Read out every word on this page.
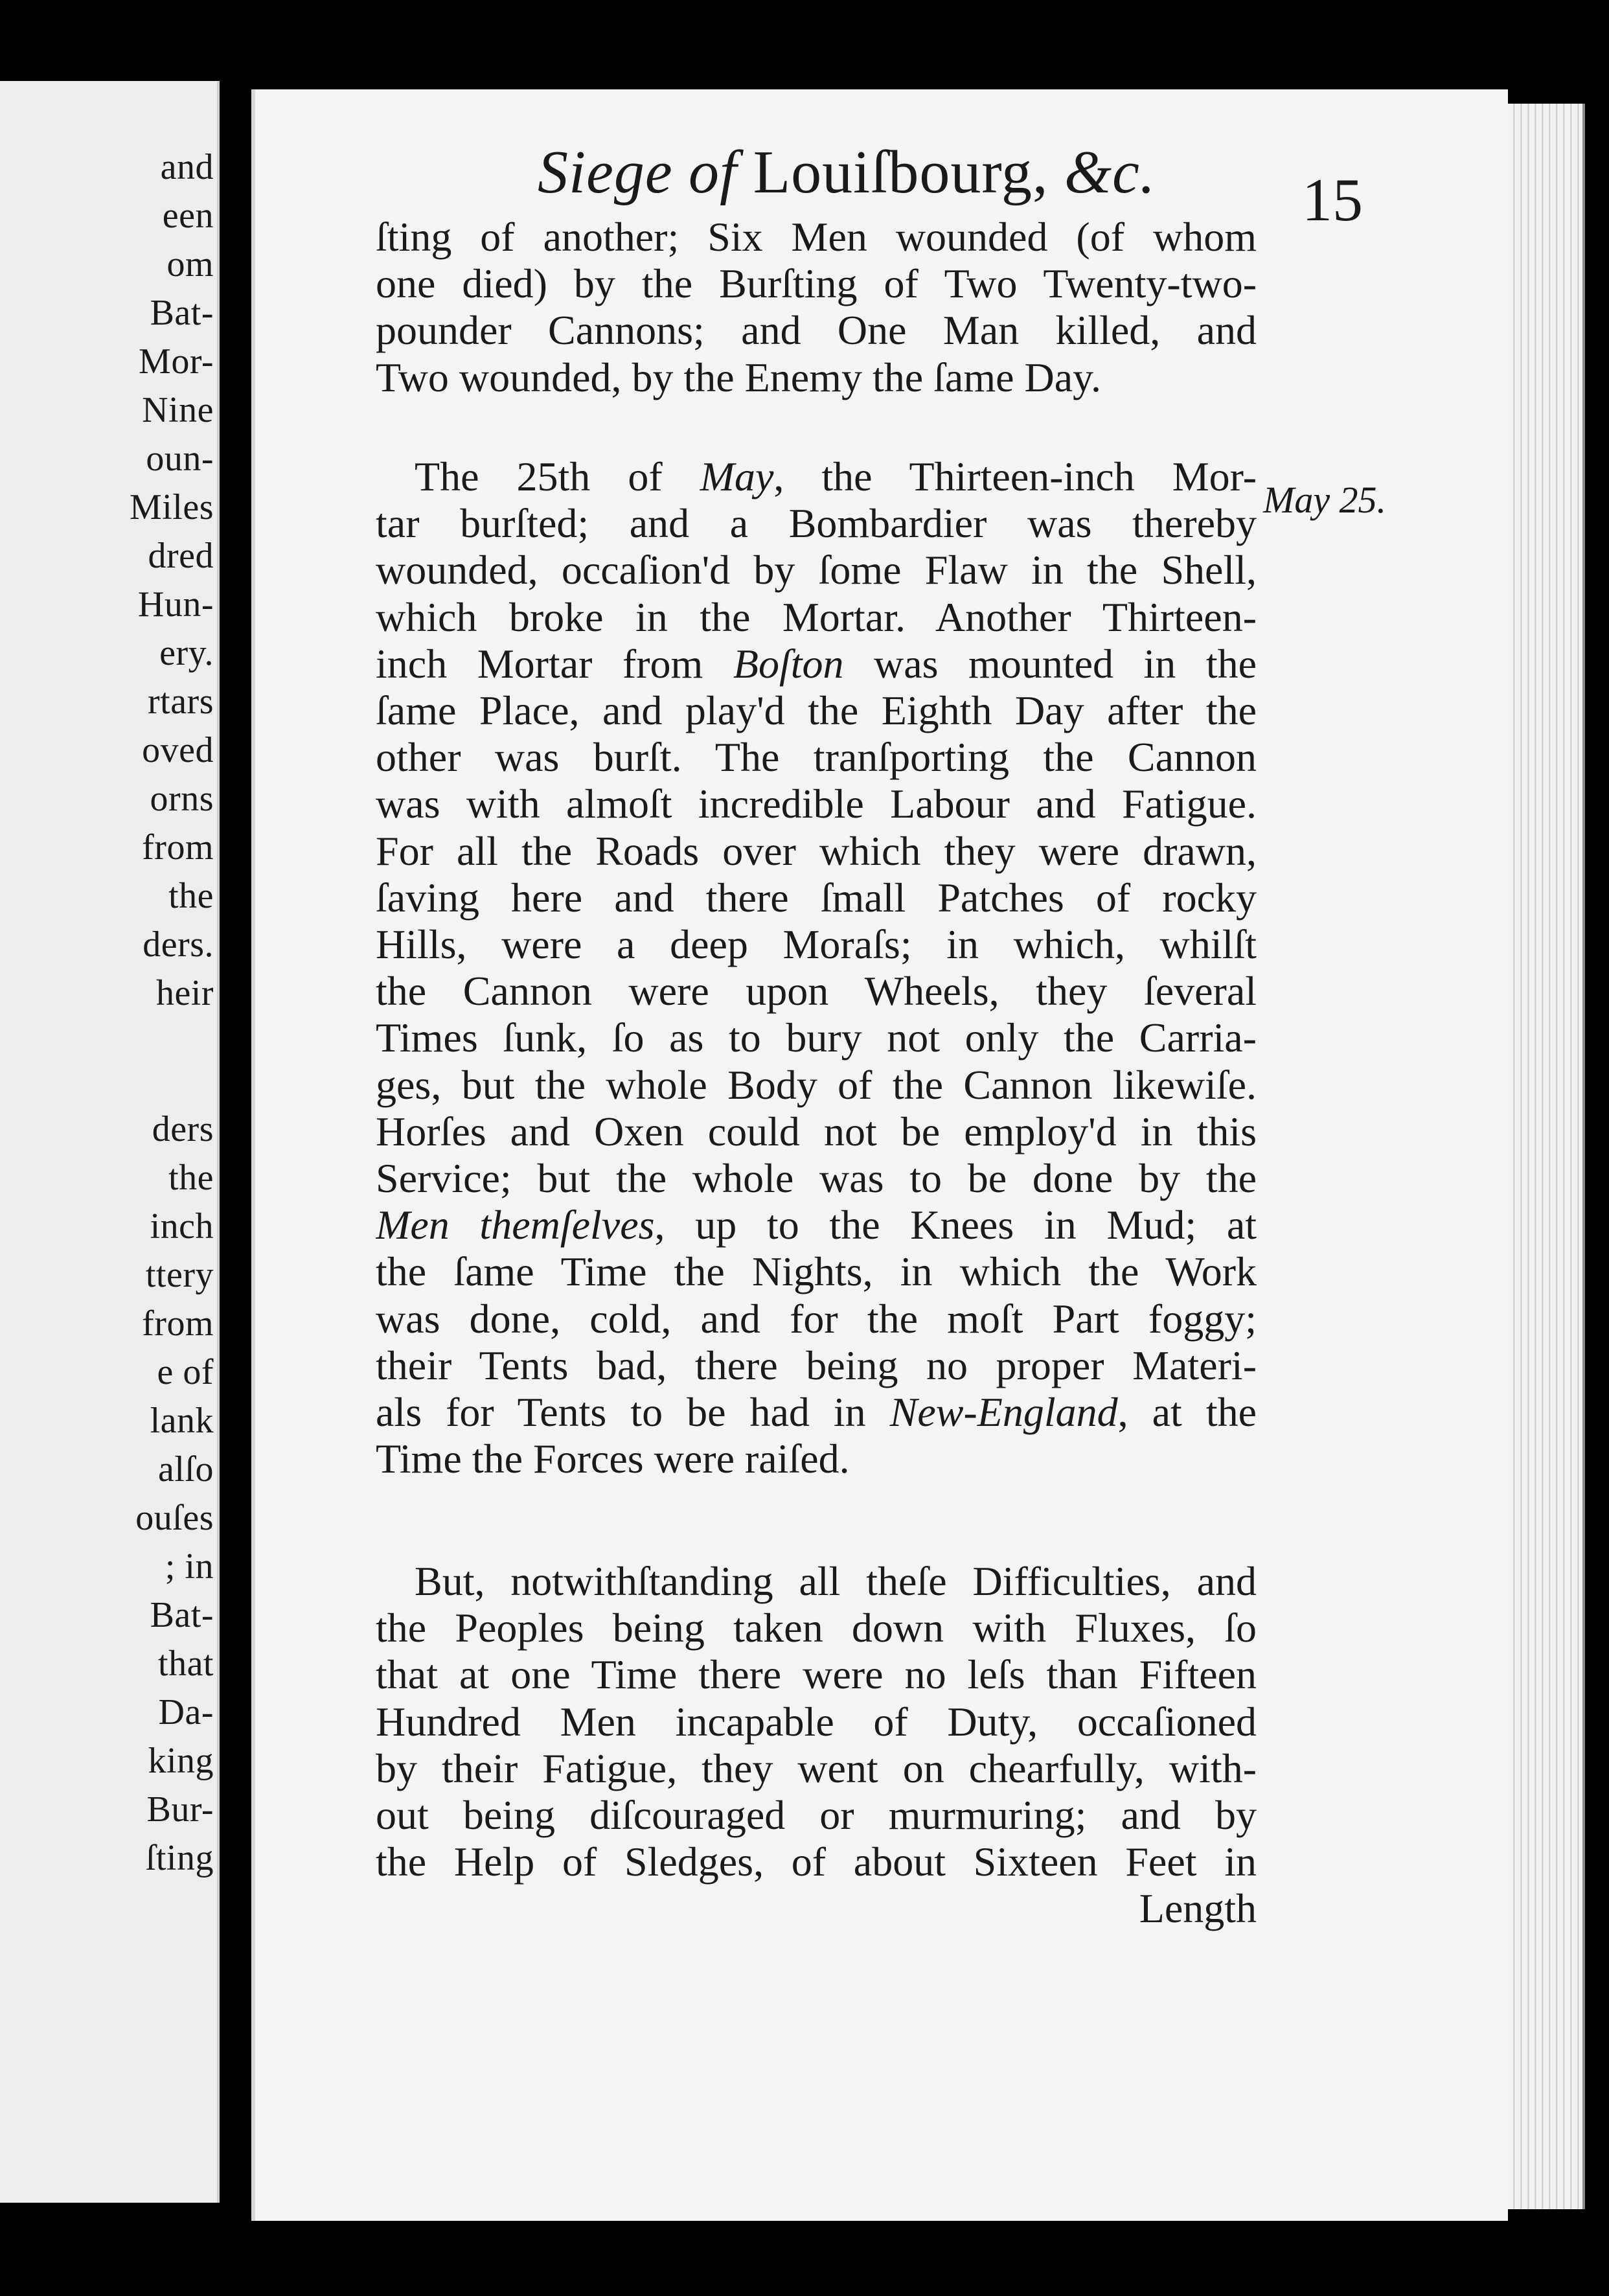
and
een
om
Bat-
Mor-
Nine
oun-
Miles
dred
Hun-
ery.
rtars
oved
orns
from
the
ders.
heir
ders
the
inch
ttery
from
e of
lank
alſo
ouſes
; in
Bat-
that
Da-
king
Bur-
ſting
Siege of Louiſbourg, &c. 15
May 25.
ſting of another; Six Men wounded (of whom
one died) by the Burſting of Two Twenty-two-
pounder Cannons; and One Man killed, and
Two wounded, by the Enemy the ſame Day.
The 25th of May, the Thirteen-inch Mor-
tar burſted; and a Bombardier was thereby
wounded, occaſion'd by ſome Flaw in the Shell,
which broke in the Mortar. Another Thirteen-
inch Mortar from Boſton was mounted in the
ſame Place, and play'd the Eighth Day after the
other was burſt. The tranſporting the Cannon
was with almoſt incredible Labour and Fatigue.
For all the Roads over which they were drawn,
ſaving here and there ſmall Patches of rocky
Hills, were a deep Moraſs; in which, whilſt
the Cannon were upon Wheels, they ſeveral
Times ſunk, ſo as to bury not only the Carria-
ges, but the whole Body of the Cannon likewiſe.
Horſes and Oxen could not be employ'd in this
Service; but the whole was to be done by the
Men themſelves, up to the Knees in Mud; at
the ſame Time the Nights, in which the Work
was done, cold, and for the moſt Part foggy;
their Tents bad, there being no proper Materi-
als for Tents to be had in New-England, at the
Time the Forces were raiſed.
But, notwithſtanding all theſe Difficulties, and
the Peoples being taken down with Fluxes, ſo
that at one Time there were no leſs than Fifteen
Hundred Men incapable of Duty, occaſioned
by their Fatigue, they went on chearfully, with-
out being diſcouraged or murmuring; and by
the Help of Sledges, of about Sixteen Feet in
Length
